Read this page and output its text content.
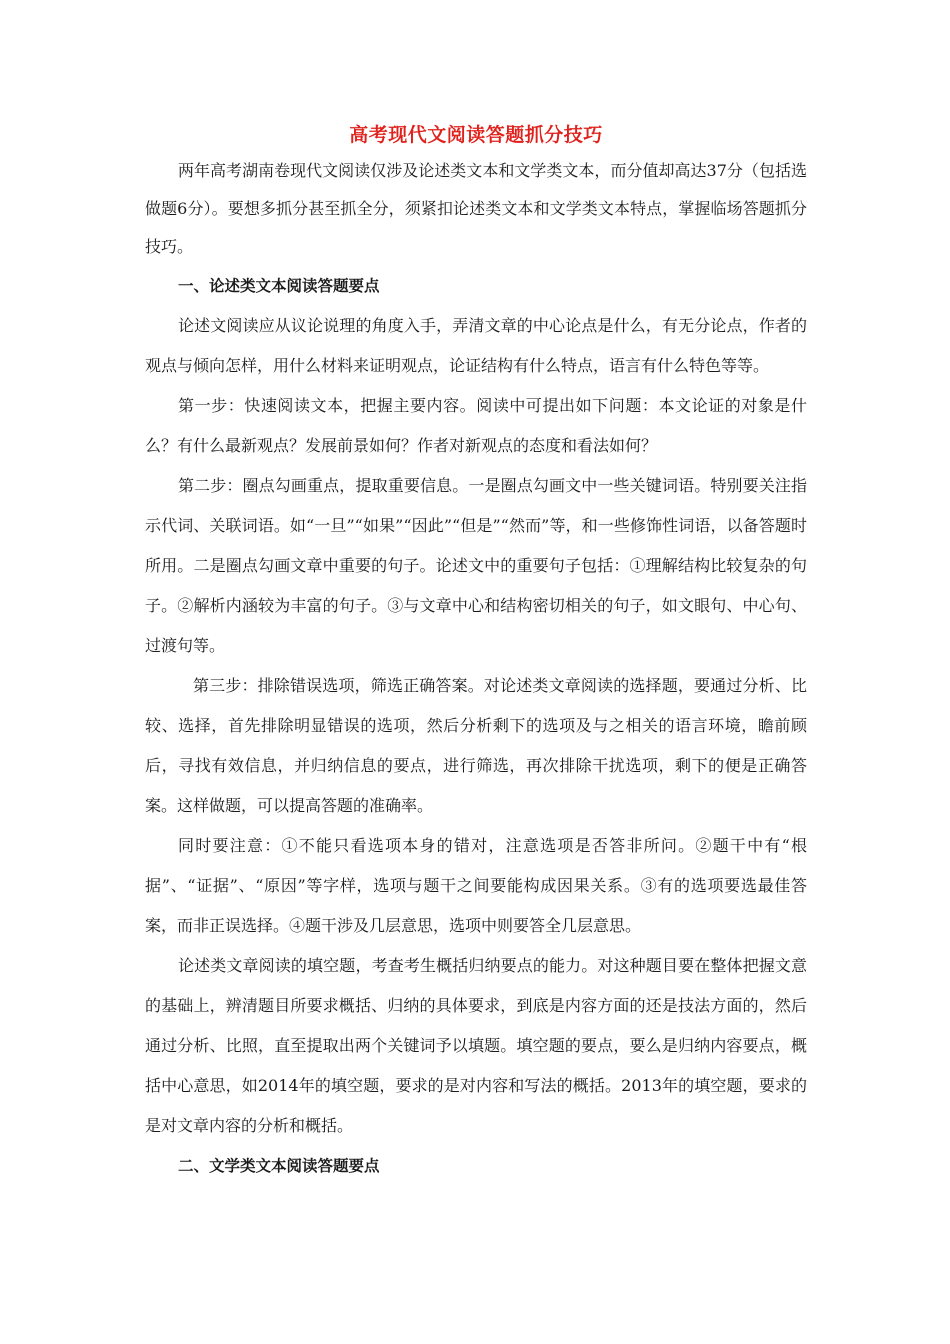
高考现代文阅读答题抓分技巧

两年高考湖南卷现代文阅读仅涉及论述类文本和文学类文本，而分值却高达37分（包括选做题6分）。要想多抓分甚至抓全分，须紧扣论述类文本和文学类文本特点，掌握临场答题抓分技巧。

一、论述类文本阅读答题要点

论述文阅读应从议论说理的角度入手，弄清文章的中心论点是什么，有无分论点，作者的观点与倾向怎样，用什么材料来证明观点，论证结构有什么特点，语言有什么特色等等。

第一步：快速阅读文本，把握主要内容。阅读中可提出如下问题：本文论证的对象是什么？有什么最新观点？发展前景如何？作者对新观点的态度和看法如何？

第二步：圈点勾画重点，提取重要信息。一是圈点勾画文中一些关键词语。特别要关注指示代词、关联词语。如“一旦”“如果”“因此”“但是”“然而”等，和一些修饰性词语，以备答题时所用。二是圈点勾画文章中重要的句子。论述文中的重要句子包括：①理解结构比较复杂的句子。②解析内涵较为丰富的句子。③与文章中心和结构密切相关的句子，如文眼句、中心句、过渡句等。

第三步：排除错误选项，筛选正确答案。对论述类文章阅读的选择题，要通过分析、比较、选择，首先排除明显错误的选项，然后分析剩下的选项及与之相关的语言环境，瞻前顾后，寻找有效信息，并归纳信息的要点，进行筛选，再次排除干扰选项，剩下的便是正确答案。这样做题，可以提高答题的准确率。

同时要注意：①不能只看选项本身的错对，注意选项是否答非所问。②题干中有“根据”、“证据”、“原因”等字样，选项与题干之间要能构成因果关系。③有的选项要选最佳答案，而非正误选择。④题干涉及几层意思，选项中则要答全几层意思。

论述类文章阅读的填空题，考查考生概括归纳要点的能力。对这种题目要在整体把握文意的基础上，辨清题目所要求概括、归纳的具体要求，到底是内容方面的还是技法方面的，然后通过分析、比照，直至提取出两个关键词予以填题。填空题的要点，要么是归纳内容要点，概括中心意思，如2014年的填空题，要求的是对内容和写法的概括。2013年的填空题，要求的是对文章内容的分析和概括。

二、文学类文本阅读答题要点
